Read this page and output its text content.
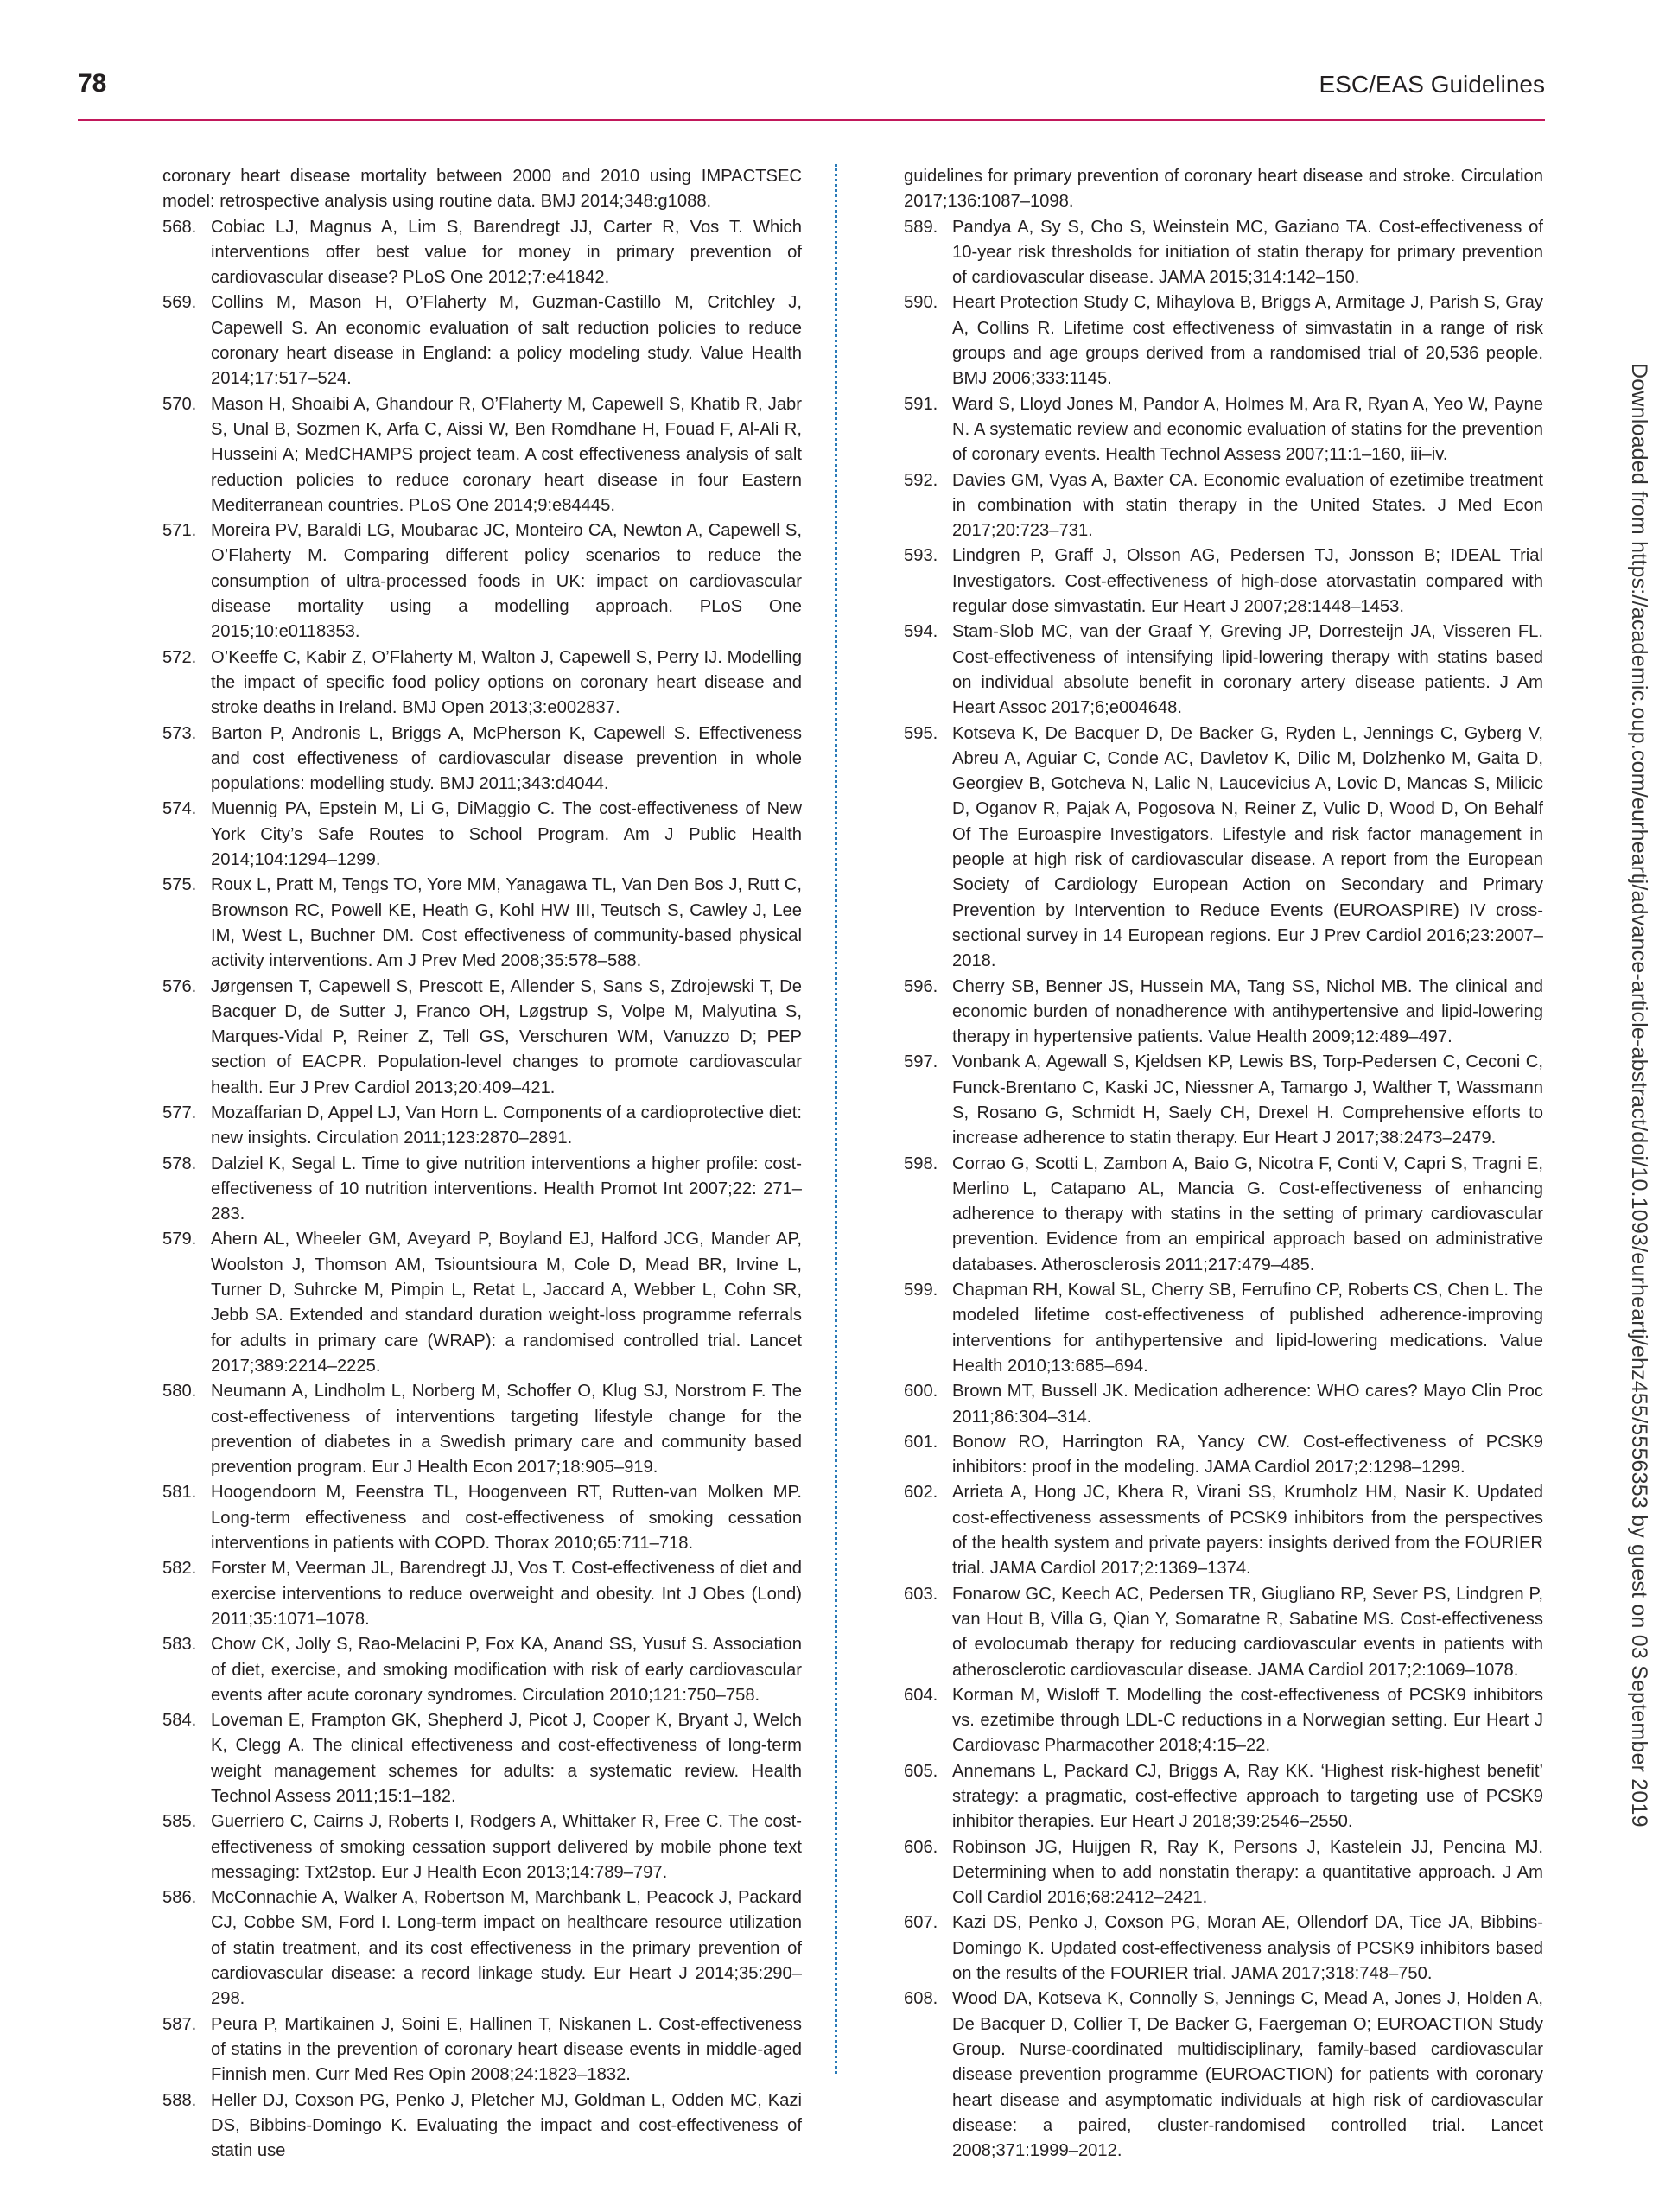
78	ESC/EAS Guidelines

coronary heart disease mortality between 2000 and 2010 using IMPACTSEC model: retrospective analysis using routine data. BMJ 2014;348:g1088.

568. Cobiac LJ, Magnus A, Lim S, Barendregt JJ, Carter R, Vos T. Which interventions offer best value for money in primary prevention of cardiovascular disease? PLoS One 2012;7:e41842.

569. Collins M, Mason H, O’Flaherty M, Guzman-Castillo M, Critchley J, Capewell S. An economic evaluation of salt reduction policies to reduce coronary heart disease in England: a policy modeling study. Value Health 2014;17:517–524.

570. Mason H, Shoaibi A, Ghandour R, O’Flaherty M, Capewell S, Khatib R, Jabr S, Unal B, Sozmen K, Arfa C, Aissi W, Ben Romdhane H, Fouad F, Al-Ali R, Husseini A; MedCHAMPS project team. A cost effectiveness analysis of salt reduction policies to reduce coronary heart disease in four Eastern Mediterranean countries. PLoS One 2014;9:e84445.

571. Moreira PV, Baraldi LG, Moubarac JC, Monteiro CA, Newton A, Capewell S, O’Flaherty M. Comparing different policy scenarios to reduce the consumption of ultra-processed foods in UK: impact on cardiovascular disease mortality using a modelling approach. PLoS One 2015;10:e0118353.

572. O’Keeffe C, Kabir Z, O’Flaherty M, Walton J, Capewell S, Perry IJ. Modelling the impact of specific food policy options on coronary heart disease and stroke deaths in Ireland. BMJ Open 2013;3:e002837.

573. Barton P, Andronis L, Briggs A, McPherson K, Capewell S. Effectiveness and cost effectiveness of cardiovascular disease prevention in whole populations: modelling study. BMJ 2011;343:d4044.

574. Muennig PA, Epstein M, Li G, DiMaggio C. The cost-effectiveness of New York City’s Safe Routes to School Program. Am J Public Health 2014;104:1294–1299.

575. Roux L, Pratt M, Tengs TO, Yore MM, Yanagawa TL, Van Den Bos J, Rutt C, Brownson RC, Powell KE, Heath G, Kohl HW III, Teutsch S, Cawley J, Lee IM, West L, Buchner DM. Cost effectiveness of community-based physical activity interventions. Am J Prev Med 2008;35:578–588.

576. Jørgensen T, Capewell S, Prescott E, Allender S, Sans S, Zdrojewski T, De Bacquer D, de Sutter J, Franco OH, Løgstrup S, Volpe M, Malyutina S, Marques-Vidal P, Reiner Z, Tell GS, Verschuren WM, Vanuzzo D; PEP section of EACPR. Population-level changes to promote cardiovascular health. Eur J Prev Cardiol 2013;20:409–421.

577. Mozaffarian D, Appel LJ, Van Horn L. Components of a cardioprotective diet: new insights. Circulation 2011;123:2870–2891.

578. Dalziel K, Segal L. Time to give nutrition interventions a higher profile: cost-effectiveness of 10 nutrition interventions. Health Promot Int 2007;22: 271–283.

579. Ahern AL, Wheeler GM, Aveyard P, Boyland EJ, Halford JCG, Mander AP, Woolston J, Thomson AM, Tsiountsioura M, Cole D, Mead BR, Irvine L, Turner D, Suhrcke M, Pimpin L, Retat L, Jaccard A, Webber L, Cohn SR, Jebb SA. Extended and standard duration weight-loss programme referrals for adults in primary care (WRAP): a randomised controlled trial. Lancet 2017;389:2214–2225.

580. Neumann A, Lindholm L, Norberg M, Schoffer O, Klug SJ, Norstrom F. The cost-effectiveness of interventions targeting lifestyle change for the prevention of diabetes in a Swedish primary care and community based prevention program. Eur J Health Econ 2017;18:905–919.

581. Hoogendoorn M, Feenstra TL, Hoogenveen RT, Rutten-van Molken MP. Long-term effectiveness and cost-effectiveness of smoking cessation interventions in patients with COPD. Thorax 2010;65:711–718.

582. Forster M, Veerman JL, Barendregt JJ, Vos T. Cost-effectiveness of diet and exercise interventions to reduce overweight and obesity. Int J Obes (Lond) 2011;35:1071–1078.

583. Chow CK, Jolly S, Rao-Melacini P, Fox KA, Anand SS, Yusuf S. Association of diet, exercise, and smoking modification with risk of early cardiovascular events after acute coronary syndromes. Circulation 2010;121:750–758.

584. Loveman E, Frampton GK, Shepherd J, Picot J, Cooper K, Bryant J, Welch K, Clegg A. The clinical effectiveness and cost-effectiveness of long-term weight management schemes for adults: a systematic review. Health Technol Assess 2011;15:1–182.

585. Guerriero C, Cairns J, Roberts I, Rodgers A, Whittaker R, Free C. The cost-effectiveness of smoking cessation support delivered by mobile phone text messaging: Txt2stop. Eur J Health Econ 2013;14:789–797.

586. McConnachie A, Walker A, Robertson M, Marchbank L, Peacock J, Packard CJ, Cobbe SM, Ford I. Long-term impact on healthcare resource utilization of statin treatment, and its cost effectiveness in the primary prevention of cardiovascular disease: a record linkage study. Eur Heart J 2014;35:290–298.

587. Peura P, Martikainen J, Soini E, Hallinen T, Niskanen L. Cost-effectiveness of statins in the prevention of coronary heart disease events in middle-aged Finnish men. Curr Med Res Opin 2008;24:1823–1832.

588. Heller DJ, Coxson PG, Penko J, Pletcher MJ, Goldman L, Odden MC, Kazi DS, Bibbins-Domingo K. Evaluating the impact and cost-effectiveness of statin use

guidelines for primary prevention of coronary heart disease and stroke. Circulation 2017;136:1087–1098.

589. Pandya A, Sy S, Cho S, Weinstein MC, Gaziano TA. Cost-effectiveness of 10-year risk thresholds for initiation of statin therapy for primary prevention of cardiovascular disease. JAMA 2015;314:142–150.

590. Heart Protection Study C, Mihaylova B, Briggs A, Armitage J, Parish S, Gray A, Collins R. Lifetime cost effectiveness of simvastatin in a range of risk groups and age groups derived from a randomised trial of 20,536 people. BMJ 2006;333:1145.

591. Ward S, Lloyd Jones M, Pandor A, Holmes M, Ara R, Ryan A, Yeo W, Payne N. A systematic review and economic evaluation of statins for the prevention of coronary events. Health Technol Assess 2007;11:1–160, iii–iv.

592. Davies GM, Vyas A, Baxter CA. Economic evaluation of ezetimibe treatment in combination with statin therapy in the United States. J Med Econ 2017;20:723–731.

593. Lindgren P, Graff J, Olsson AG, Pedersen TJ, Jonsson B; IDEAL Trial Investigators. Cost-effectiveness of high-dose atorvastatin compared with regular dose simvastatin. Eur Heart J 2007;28:1448–1453.

594. Stam-Slob MC, van der Graaf Y, Greving JP, Dorresteijn JA, Visseren FL. Cost-effectiveness of intensifying lipid-lowering therapy with statins based on individual absolute benefit in coronary artery disease patients. J Am Heart Assoc 2017;6;e004648.

595. Kotseva K, De Bacquer D, De Backer G, Ryden L, Jennings C, Gyberg V, Abreu A, Aguiar C, Conde AC, Davletov K, Dilic M, Dolzhenko M, Gaita D, Georgiev B, Gotcheva N, Lalic N, Laucevicius A, Lovic D, Mancas S, Milicic D, Oganov R, Pajak A, Pogosova N, Reiner Z, Vulic D, Wood D, On Behalf Of The Euroaspire Investigators. Lifestyle and risk factor management in people at high risk of cardiovascular disease. A report from the European Society of Cardiology European Action on Secondary and Primary Prevention by Intervention to Reduce Events (EUROASPIRE) IV cross-sectional survey in 14 European regions. Eur J Prev Cardiol 2016;23:2007–2018.

596. Cherry SB, Benner JS, Hussein MA, Tang SS, Nichol MB. The clinical and economic burden of nonadherence with antihypertensive and lipid-lowering therapy in hypertensive patients. Value Health 2009;12:489–497.

597. Vonbank A, Agewall S, Kjeldsen KP, Lewis BS, Torp-Pedersen C, Ceconi C, Funck-Brentano C, Kaski JC, Niessner A, Tamargo J, Walther T, Wassmann S, Rosano G, Schmidt H, Saely CH, Drexel H. Comprehensive efforts to increase adherence to statin therapy. Eur Heart J 2017;38:2473–2479.

598. Corrao G, Scotti L, Zambon A, Baio G, Nicotra F, Conti V, Capri S, Tragni E, Merlino L, Catapano AL, Mancia G. Cost-effectiveness of enhancing adherence to therapy with statins in the setting of primary cardiovascular prevention. Evidence from an empirical approach based on administrative databases. Atherosclerosis 2011;217:479–485.

599. Chapman RH, Kowal SL, Cherry SB, Ferrufino CP, Roberts CS, Chen L. The modeled lifetime cost-effectiveness of published adherence-improving interventions for antihypertensive and lipid-lowering medications. Value Health 2010;13:685–694.

600. Brown MT, Bussell JK. Medication adherence: WHO cares? Mayo Clin Proc 2011;86:304–314.

601. Bonow RO, Harrington RA, Yancy CW. Cost-effectiveness of PCSK9 inhibitors: proof in the modeling. JAMA Cardiol 2017;2:1298–1299.

602. Arrieta A, Hong JC, Khera R, Virani SS, Krumholz HM, Nasir K. Updated cost-effectiveness assessments of PCSK9 inhibitors from the perspectives of the health system and private payers: insights derived from the FOURIER trial. JAMA Cardiol 2017;2:1369–1374.

603. Fonarow GC, Keech AC, Pedersen TR, Giugliano RP, Sever PS, Lindgren P, van Hout B, Villa G, Qian Y, Somaratne R, Sabatine MS. Cost-effectiveness of evolocumab therapy for reducing cardiovascular events in patients with atherosclerotic cardiovascular disease. JAMA Cardiol 2017;2:1069–1078.

604. Korman M, Wisloff T. Modelling the cost-effectiveness of PCSK9 inhibitors vs. ezetimibe through LDL-C reductions in a Norwegian setting. Eur Heart J Cardiovasc Pharmacother 2018;4:15–22.

605. Annemans L, Packard CJ, Briggs A, Ray KK. ‘Highest risk-highest benefit’ strategy: a pragmatic, cost-effective approach to targeting use of PCSK9 inhibitor therapies. Eur Heart J 2018;39:2546–2550.

606. Robinson JG, Huijgen R, Ray K, Persons J, Kastelein JJ, Pencina MJ. Determining when to add nonstatin therapy: a quantitative approach. J Am Coll Cardiol 2016;68:2412–2421.

607. Kazi DS, Penko J, Coxson PG, Moran AE, Ollendorf DA, Tice JA, Bibbins-Domingo K. Updated cost-effectiveness analysis of PCSK9 inhibitors based on the results of the FOURIER trial. JAMA 2017;318:748–750.

608. Wood DA, Kotseva K, Connolly S, Jennings C, Mead A, Jones J, Holden A, De Bacquer D, Collier T, De Backer G, Faergeman O; EUROACTION Study Group. Nurse-coordinated multidisciplinary, family-based cardiovascular disease prevention programme (EUROACTION) for patients with coronary heart disease and asymptomatic individuals at high risk of cardiovascular disease: a paired, cluster-randomised controlled trial. Lancet 2008;371:1999–2012.

Downloaded from https://academic.oup.com/eurheartj/advance-article-abstract/doi/10.1093/eurheartj/ehz455/5556353 by guest on 03 September 2019
